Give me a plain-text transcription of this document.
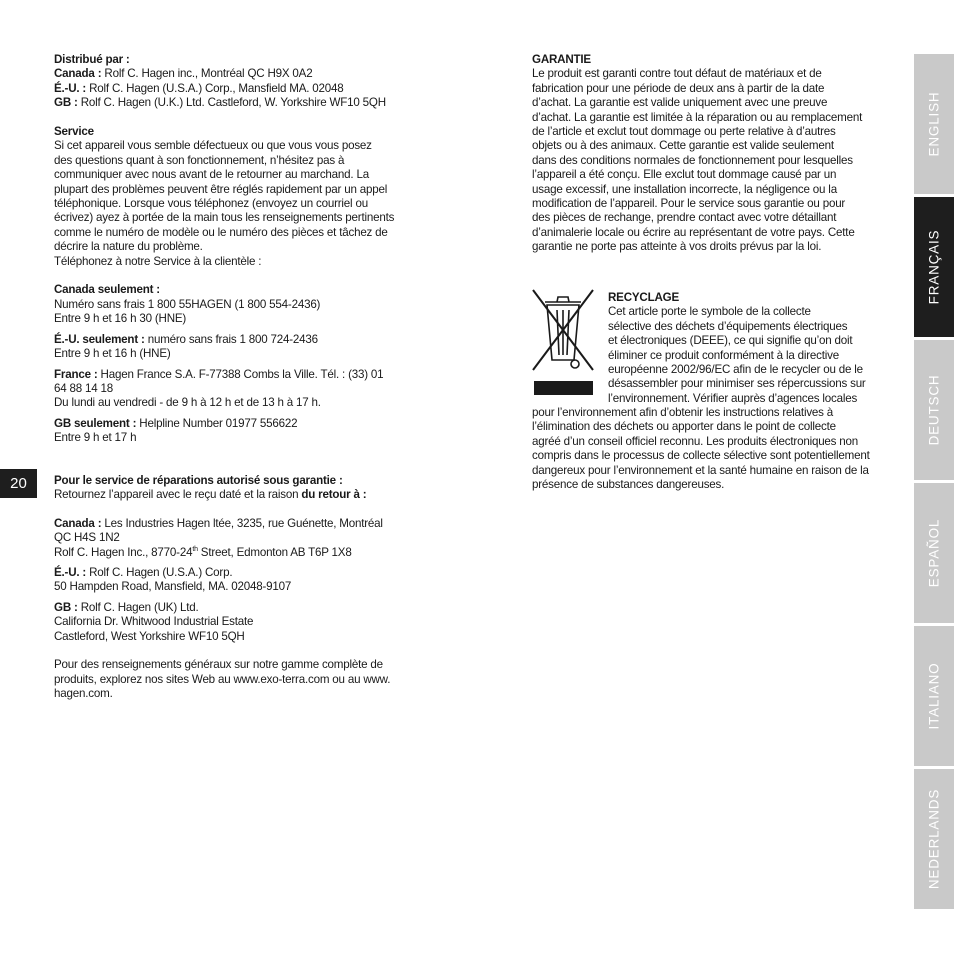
Distribué par :
Canada : Rolf C. Hagen inc., Montréal QC H9X 0A2
É.-U. : Rolf C. Hagen (U.S.A.) Corp., Mansfield MA. 02048
GB : Rolf C. Hagen (U.K.) Ltd. Castleford, W. Yorkshire WF10 5QH
Service
Si cet appareil vous semble défectueux ou que vous vous posez
des questions quant à son fonctionnement, n’hésitez pas à
communiquer avec nous avant de le retourner au marchand. La
plupart des problèmes peuvent être réglés rapidement par un appel
téléphonique. Lorsque vous téléphonez (envoyez un courriel ou
écrivez) ayez à portée de la main tous les renseignements pertinents
comme le numéro de modèle ou le numéro des pièces et tâchez de
décrire la nature du problème.
Téléphonez à notre Service à la clientèle :
Canada seulement :
Numéro sans frais 1 800 55HAGEN (1 800 554-2436)
Entre 9 h et 16 h 30 (HNE)
É.-U. seulement : numéro sans frais 1 800 724-2436
Entre 9 h et 16 h (HNE)
France : Hagen France S.A. F-77388 Combs la Ville. Tél. : (33) 01
64 88 14 18
Du lundi au vendredi - de 9 h à 12 h et de 13 h à 17 h.
GB seulement : Helpline Number 01977 556622
Entre 9 h et 17 h
Pour le service de réparations autorisé sous garantie :
Retournez l’appareil avec le reçu daté et la raison du retour à :
Canada : Les Industries Hagen ltée, 3235, rue Guénette, Montréal
QC H4S 1N2
Rolf C. Hagen Inc., 8770-24th Street, Edmonton AB T6P 1X8
É.-U. : Rolf C. Hagen (U.S.A.) Corp.
50 Hampden Road, Mansfield, MA. 02048-9107
GB : Rolf C. Hagen (UK) Ltd.
California Dr. Whitwood Industrial Estate
Castleford, West Yorkshire WF10 5QH
Pour des renseignements généraux sur notre gamme complète de
produits, explorez nos sites Web au www.exo-terra.com ou au www.
hagen.com.
GARANTIE
Le produit est garanti contre tout défaut de matériaux et de
fabrication pour une période de deux ans à partir de la date
d’achat. La garantie est valide uniquement avec une preuve
d’achat. La garantie est limitée à la réparation ou au remplacement
de l’article et exclut tout dommage ou perte relative à d’autres
objets ou à des animaux. Cette garantie est valide seulement
dans des conditions normales de fonctionnement pour lesquelles
l’appareil a été conçu. Elle exclut tout dommage causé par un
usage excessif, une installation incorrecte, la négligence ou la
modification de l’appareil. Pour le service sous garantie ou pour
des pièces de rechange, prendre contact avec votre détaillant
d’animalerie locale ou écrire au représentant de votre pays. Cette
garantie ne porte pas atteinte à vos droits prévus par la loi.
RECYCLAGE
Cet article porte le symbole de la collecte
sélective des déchets d’équipements électriques
et électroniques (DEEE), ce qui signifie qu’on doit
éliminer ce produit conformément à la directive
européenne 2002/96/EC afin de le recycler ou de le
désassembler pour minimiser ses répercussions sur
l’environnement. Vérifier auprès d’agences locales
pour l’environnement afin d’obtenir les instructions relatives à
l’élimination des déchets ou apporter dans le point de collecte
agréé d’un conseil officiel reconnu. Les produits électroniques non
compris dans le processus de collecte sélective sont potentiellement
dangereux pour l’environnement et la santé humaine en raison de la
présence de substances dangereuses.
20
ENGLISH
FRANÇAIS
DEUTSCH
ESPAÑOL
ITALIANO
NEDERLANDS
